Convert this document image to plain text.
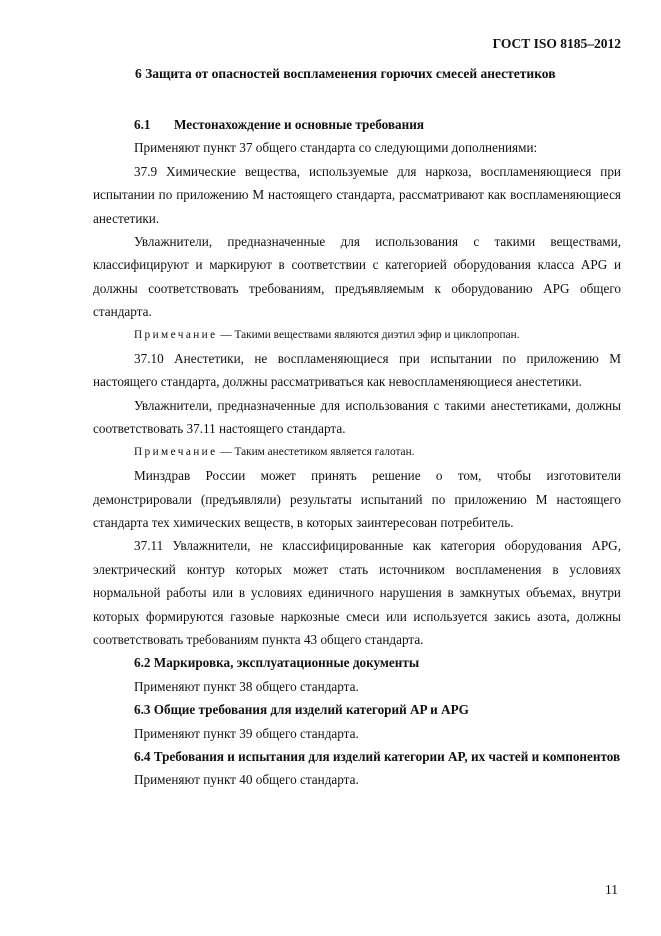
ГОСТ ISO 8185–2012
6 Защита от опасностей воспламенения горючих смесей анестетиков

6.1 Местонахождение и основные требования

Применяют пункт 37 общего стандарта со следующими дополнениями:

37.9 Химические вещества, используемые для наркоза, воспламеняющиеся при испытании по приложению М настоящего стандарта, рассматривают как воспламеняющиеся анестетики.

Увлажнители, предназначенные для использования с такими веществами, классифицируют и маркируют в соответствии с категорией оборудования класса APG и должны соответствовать требованиям, предъявляемым к оборудованию APG общего стандарта.

Примечание — Такими веществами являются диэтил эфир и циклопропан.

37.10 Анестетики, не воспламеняющиеся при испытании по приложению М настоящего стандарта, должны рассматриваться как невоспламеняющиеся анестетики.

Увлажнители, предназначенные для использования с такими анестетиками, должны соответствовать 37.11 настоящего стандарта.

Примечание — Таким анестетиком является галотан.

Минздрав России может принять решение о том, чтобы изготовители демонстрировали (предъявляли) результаты испытаний по приложению М настоящего стандарта тех химических веществ, в которых заинтересован потребитель.

37.11 Увлажнители, не классифицированные как категория оборудования APG, электрический контур которых может стать источником воспламенения в условиях нормальной работы или в условиях единичного нарушения в замкнутых объемах, внутри которых формируются газовые наркозные смеси или используется закись азота, должны соответствовать требованиям пункта 43 общего стандарта.

6.2 Маркировка, эксплуатационные документы

Применяют пункт 38 общего стандарта.

6.3 Общие требования для изделий категорий AP и APG

Применяют пункт 39 общего стандарта.

6.4 Требования и испытания для изделий категории AP, их частей и компонентов

Применяют пункт 40 общего стандарта.

11
